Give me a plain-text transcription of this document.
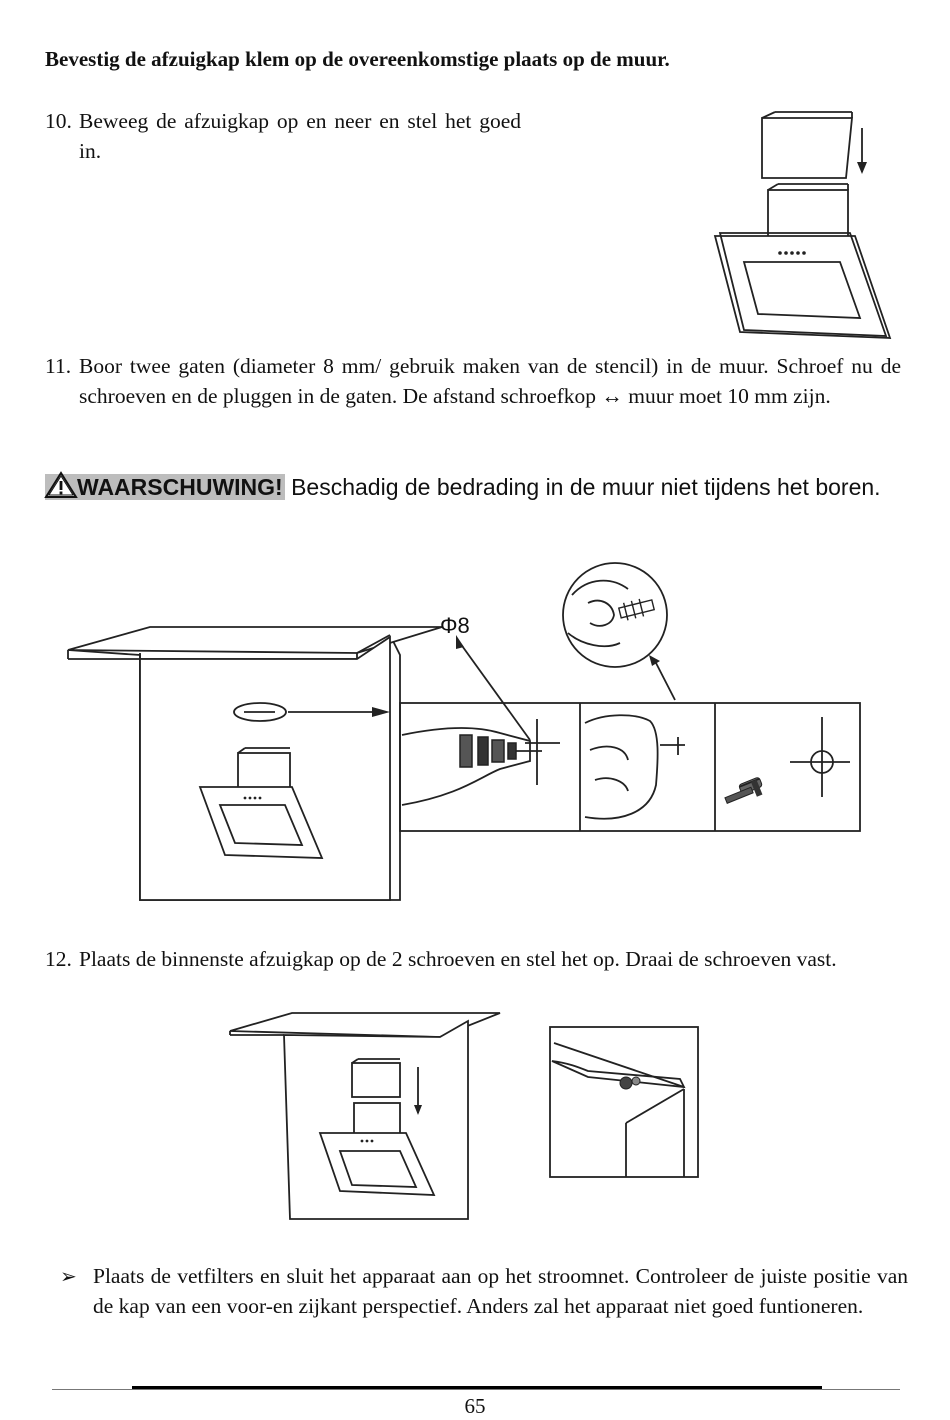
Bevestig de afzuigkap klem op de overeenkomstige plaats op de muur.
10. Beweeg de afzuigkap op en neer en stel het goed in.
11. Boor twee gaten (diameter 8 mm/ gebruik maken van de stencil) in de muur. Schroef nu de schroeven en de pluggen in de gaten. De afstand schroefkop ↔ muur moet 10 mm zijn.
WAARSCHUWING! Beschadig de bedrading in de muur niet tijdens het boren.
Φ8
12. Plaats de binnenste afzuigkap op de 2 schroeven en stel het op. Draai de schroeven vast.
➢ Plaats de vetfilters en sluit het apparaat aan op het stroomnet. Controleer de juiste positie van de kap van een voor-en zijkant perspectief. Anders zal het apparaat niet goed funtioneren.
65
